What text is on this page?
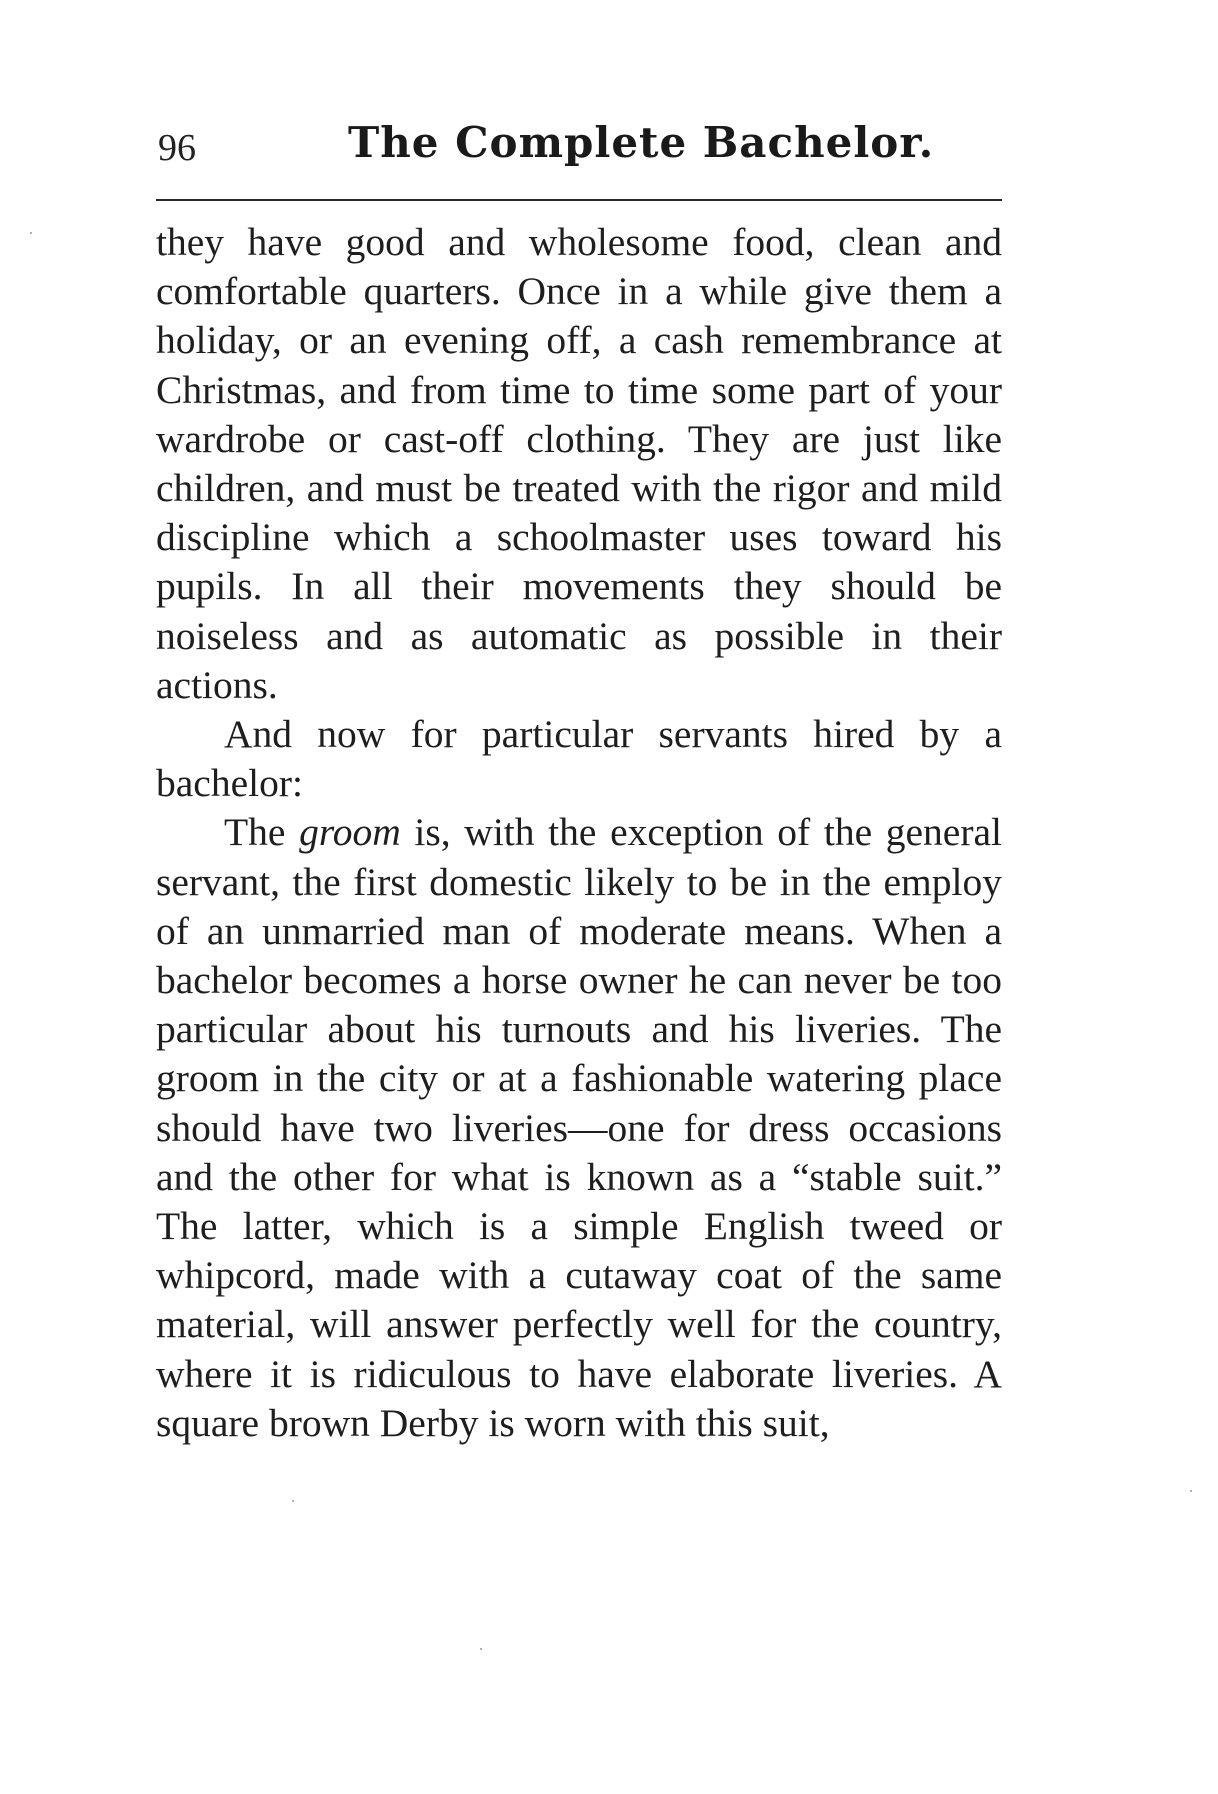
96	The Complete Bachelor.

they have good and wholesome food, clean and comfortable quarters. Once in a while give them a holiday, or an evening off, a cash remembrance at Christmas, and from time to time some part of your wardrobe or cast-off clothing. They are just like children, and must be treated with the rigor and mild discipline which a schoolmaster uses toward his pupils. In all their movements they should be noiseless and as automatic as possible in their actions.

And now for particular servants hired by a bachelor:

The groom is, with the exception of the general servant, the first domestic likely to be in the employ of an unmarried man of moderate means. When a bachelor becomes a horse owner he can never be too particular about his turnouts and his liveries. The groom in the city or at a fashionable watering place should have two liveries—one for dress occasions and the other for what is known as a “stable suit.” The latter, which is a simple English tweed or whipcord, made with a cutaway coat of the same material, will answer perfectly well for the country, where it is ridiculous to have elaborate liveries. A square brown Derby is worn with this suit,
